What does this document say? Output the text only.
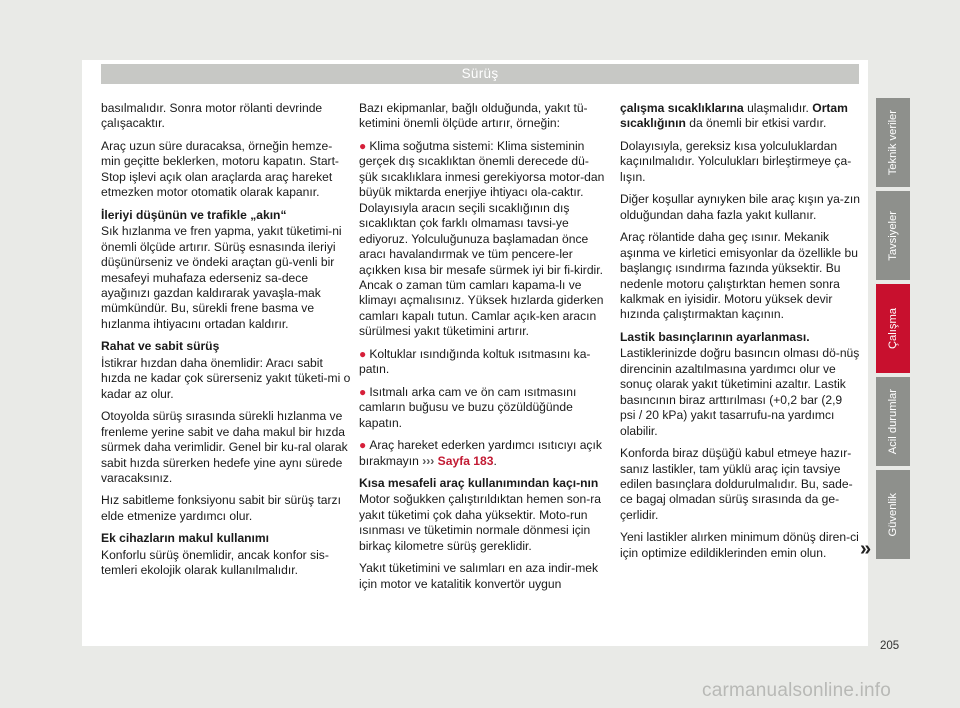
Sürüş

basılmalıdır. Sonra motor rölanti devrinde çalışacaktır.

Araç uzun süre duracaksa, örneğin hemze-min geçitte beklerken, motoru kapatın. Start-Stop işlevi açık olan araçlarda araç hareket etmezken motor otomatik olarak kapanır.

İleriyi düşünün ve trafikle „akın“

Sık hızlanma ve fren yapma, yakıt tüketimi-ni önemli ölçüde artırır. Sürüş esnasında ileriyi düşünürseniz ve öndeki araçtan gü-venli bir mesafeyi muhafaza ederseniz sa-dece ayağınızı gazdan kaldırarak yavaşla-mak mümkündür. Bu, sürekli frene basma ve hızlanma ihtiyacını ortadan kaldırır.

Rahat ve sabit sürüş

İstikrar hızdan daha önemlidir: Aracı sabit hızda ne kadar çok sürerseniz yakıt tüketi-mi o kadar az olur.

Otoyolda sürüş sırasında sürekli hızlanma ve frenleme yerine sabit ve daha makul bir hızda sürmek daha verimlidir. Genel bir ku-ral olarak sabit hızda sürerken hedefe yine aynı sürede varacaksınız.

Hız sabitleme fonksiyonu sabit bir sürüş tarzı elde etmenize yardımcı olur.

Ek cihazların makul kullanımı

Konforlu sürüş önemlidir, ancak konfor sis-temleri ekolojik olarak kullanılmalıdır.

Bazı ekipmanlar, bağlı olduğunda, yakıt tü-ketimini önemli ölçüde artırır, örneğin:

● Klima soğutma sistemi: Klima sisteminin gerçek dış sıcaklıktan önemli derecede dü-şük sıcaklıklara inmesi gerekiyorsa motor-dan büyük miktarda enerjiye ihtiyacı ola-caktır. Dolayısıyla aracın seçili sıcaklığının dış sıcaklıktan çok farklı olmaması tavsi-ye ediyoruz. Yolculuğunuza başlamadan önce aracı havalandırmak ve tüm pencere-ler açıkken kısa bir mesafe sürmek iyi bir fi-kirdir. Ancak o zaman tüm camları kapama-lı ve klimayı açmalısınız. Yüksek hızlarda giderken camları kapalı tutun. Camlar açık-ken aracın sürülmesi yakıt tüketimini artırır.

● Koltuklar ısındığında koltuk ısıtmasını ka-patın.

● Isıtmalı arka cam ve ön cam ısıtmasını camların buğusu ve buzu çözüldüğünde kapatın.

● Araç hareket ederken yardımcı ısıtıcıyı açık bırakmayın ››› Sayfa 183.

Kısa mesafeli araç kullanımından kaçı-nın

Motor soğukken çalıştırıldıktan hemen son-ra yakıt tüketimi çok daha yüksektir. Moto-run ısınması ve tüketimin normale dönmesi için birkaç kilometre sürüş gereklidir.

Yakıt tüketimini ve salımları en aza indir-mek için motor ve katalitik konvertör uygun

çalışma sıcaklıklarına ulaşmalıdır. Ortam sıcaklığının da önemli bir etkisi vardır.

Dolayısıyla, gereksiz kısa yolculuklardan kaçınılmalıdır. Yolculukları birleştirmeye ça-lışın.

Diğer koşullar aynıyken bile araç kışın ya-zın olduğundan daha fazla yakıt kullanır.

Araç rölantide daha geç ısınır. Mekanik aşınma ve kirletici emisyonlar da özellikle bu başlangıç ısındırma fazında yüksektir. Bu nedenle motoru çalıştırktan hemen sonra kalkmak en iyisidir. Motoru yüksek devir hızında çalıştırmaktan kaçının.

Lastik basınçlarının ayarlanması.

Lastiklerinizde doğru basıncın olması dö-nüş direncinin azaltılmasına yardımcı olur ve sonuç olarak yakıt tüketimini azaltır. Lastik basıncının biraz arttırılması (+0,2 bar (2,9 psi / 20 kPa) yakıt tasarrufu-na yardımcı olabilir.

Konforda biraz düşüğü kabul etmeye hazır-sanız lastikler, tam yüklü araç için tavsiye edilen basınçlara doldurulmalıdır. Bu, sade-ce bagaj olmadan sürüş sırasında da ge-çerlidir.

Yeni lastikler alırken minimum dönüş diren-ci için optimize edildiklerinden emin olun.	»
Teknik veriler
Tavsiyeler
Çalışma
Acil durumlar
Güvenlik
205
carmanualsonline.info
